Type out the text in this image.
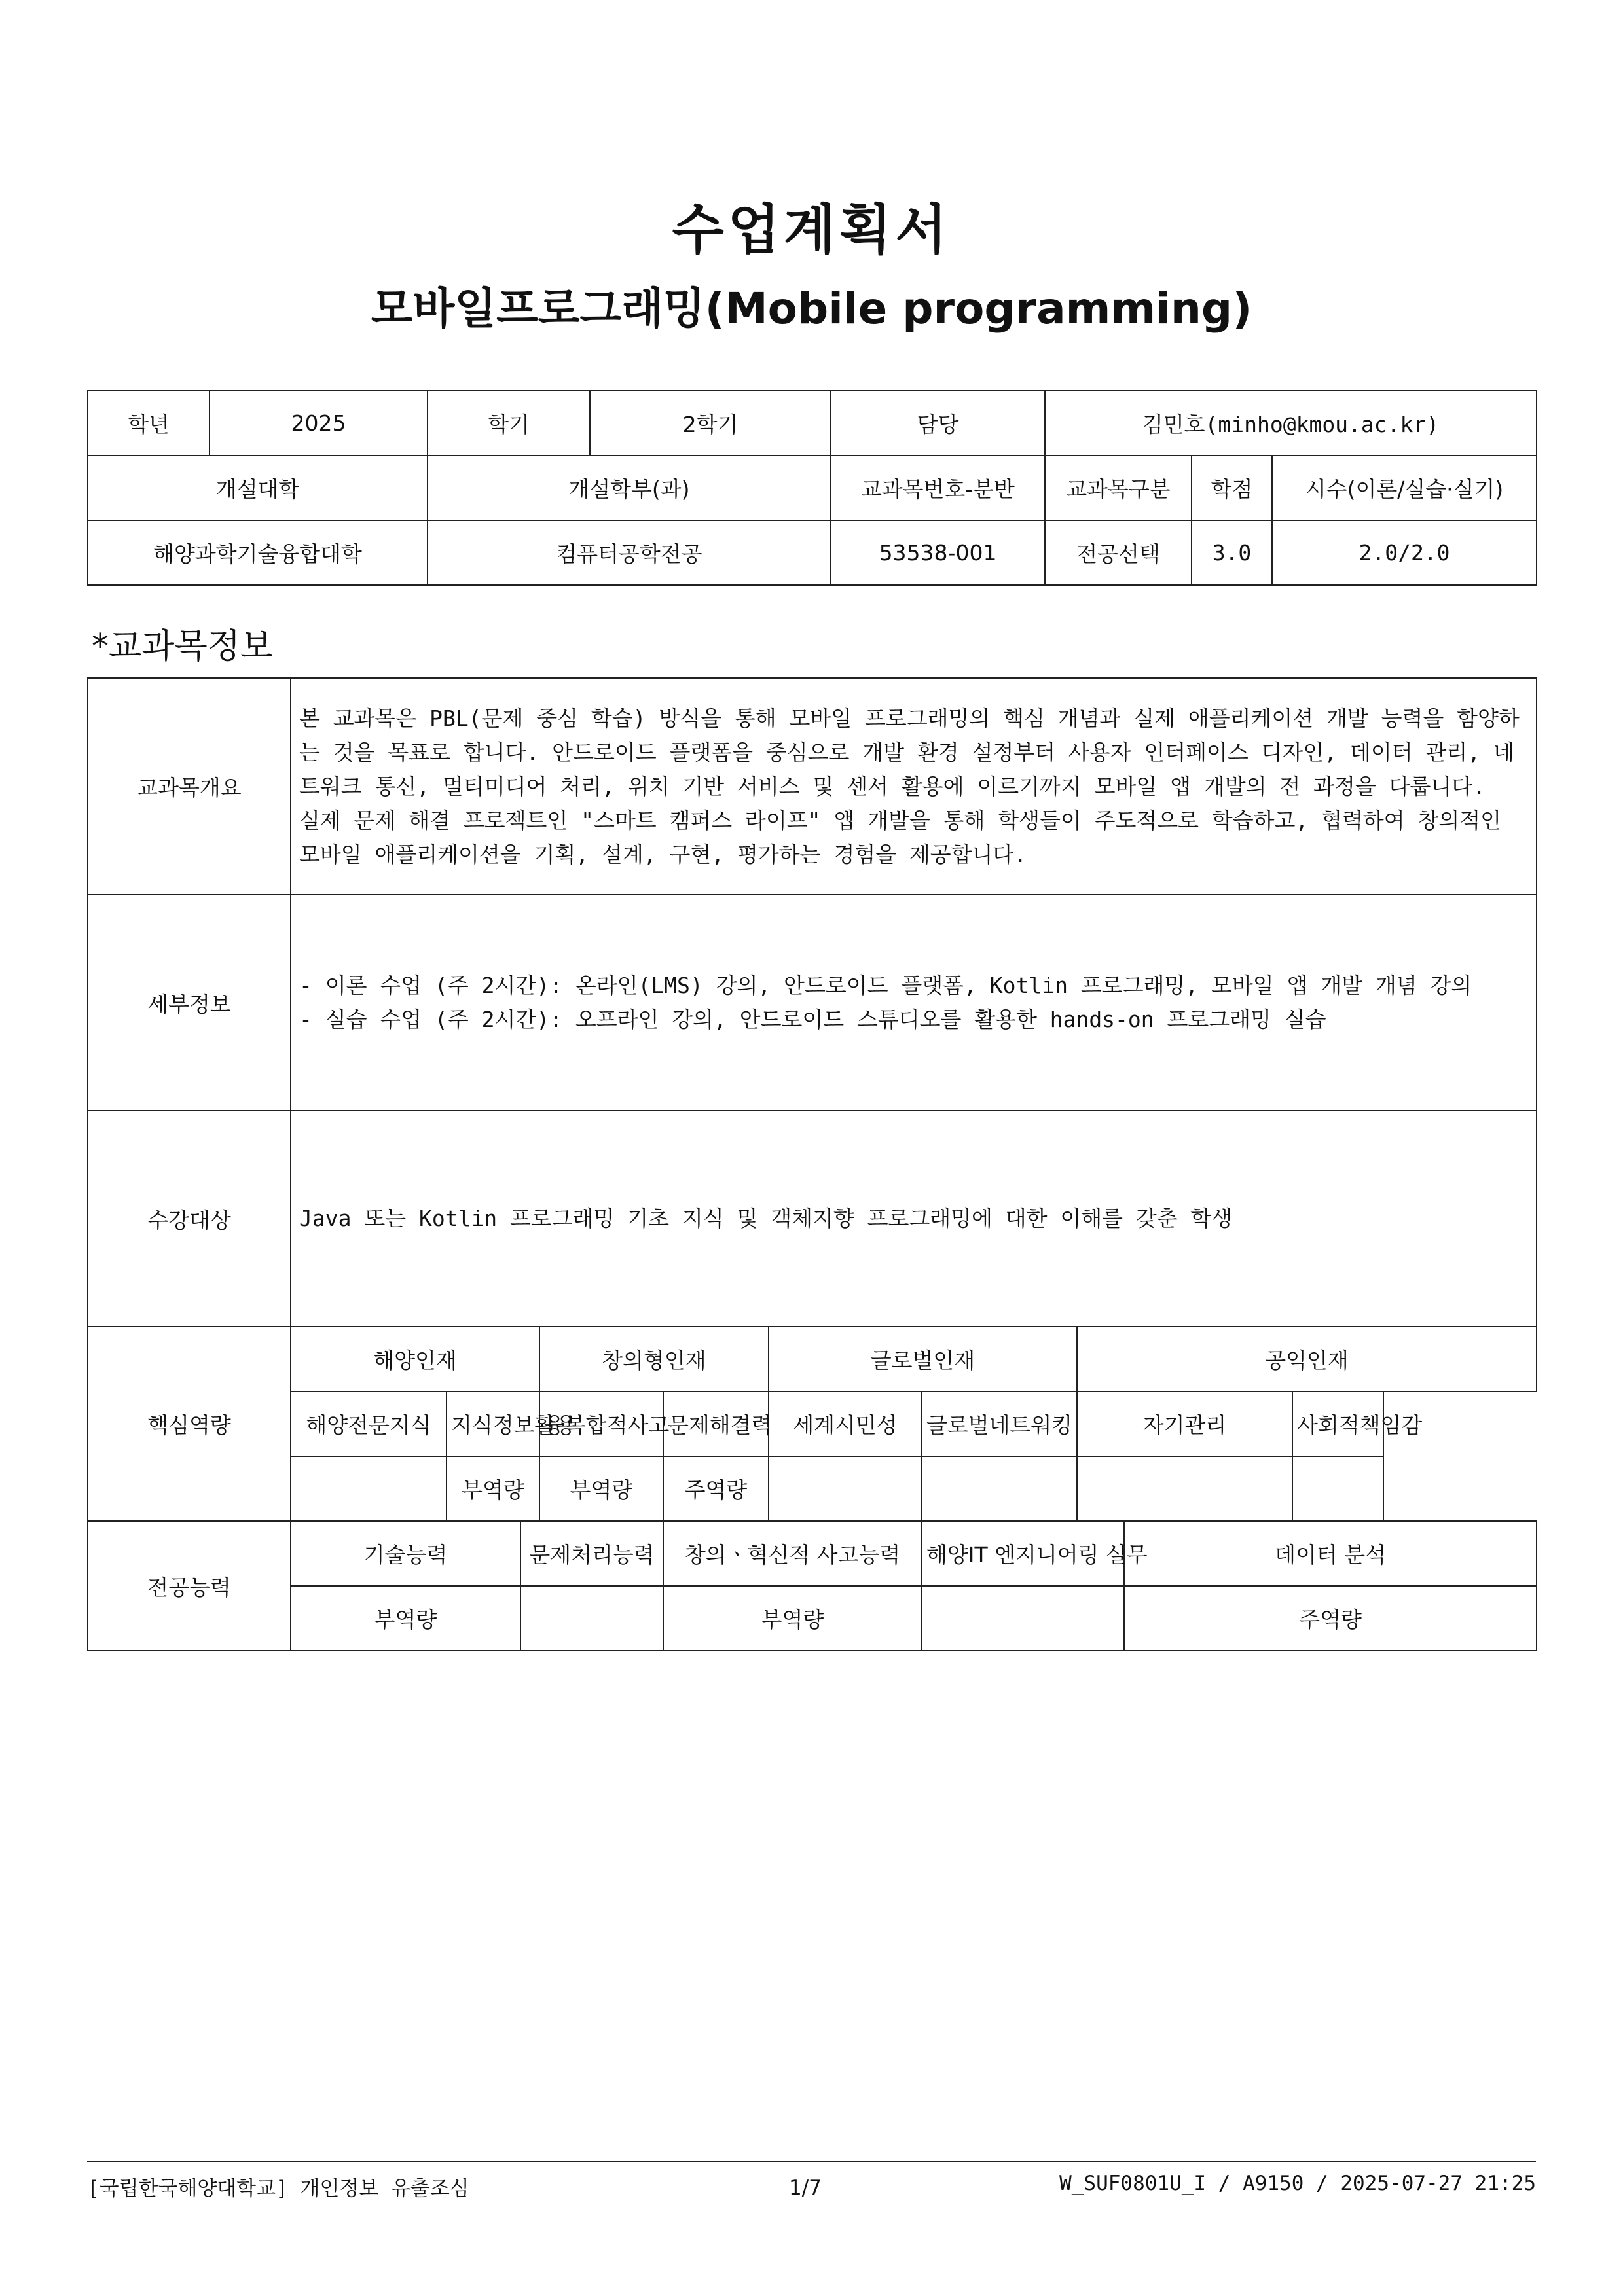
수업계획서
모바일프로그래밍(Mobile programming)
학년	2025	학기	2학기	담당	김민호(minho@kmou.ac.kr)		
개설대학		개설학부(과)		교과목번호-분반	교과목구분	학점	시수(이론/실습·실기)
해양과학기술융합대학		컴퓨터공학전공		53538-001	전공선택	3.0	2.0/2.0
*교과목정보
교과목개요	본 교과목은 PBL(문제 중심 학습) 방식을 통해 모바일 프로그래밍의 핵심 개념과 실제 애플리케이션 개발 능력을 함양하는 것을 목표로 합니다. 안드로이드 플랫폼을 중심으로 개발 환경 설정부터 사용자 인터페이스 디자인, 데이터 관리, 네트워크 통신, 멀티미디어 처리, 위치 기반 서비스 및 센서 활용에 이르기까지 모바일 앱 개발의 전 과정을 다룹니다.
실제 문제 해결 프로젝트인 "스마트 캠퍼스 라이프" 앱 개발을 통해 학생들이 주도적으로 학습하고, 협력하여 창의적인 모바일 애플리케이션을 기획, 설계, 구현, 평가하는 경험을 제공합니다.									

세부정보	- 이론 수업 (주 2시간): 온라인(LMS) 강의, 안드로이드 플랫폼, Kotlin 프로그래밍, 모바일 앱 개발 개념 강의
- 실습 수업 (주 2시간): 오프라인 강의, 안드로이드 스튜디오를 활용한 hands-on 프로그래밍 실습									

수강대상	Java 또는 Kotlin 프로그래밍 기초 지식 및 객체지향 프로그래밍에 대한 이해를 갖춘 학생									
핵심역량	해양인재			창의형인재		글로벌인재		공익인재		
	해양전문지식	지식정보활용		융복합적사고	문제해결력	세계시민성	글로벌네트워킹	자기관리		사회적책임감
		부역량		부역량	주역량					
전공능력	기술능력		문제처리능력		창의ㆍ혁신적 사고능력		해양IT 엔지니어링 실무		데이터 분석	
	부역량				부역량				주역량	
[국립한국해양대학교] 개인정보 유출조심	1/7	W_SUF0801U_I / A9150 / 2025-07-27 21:25
